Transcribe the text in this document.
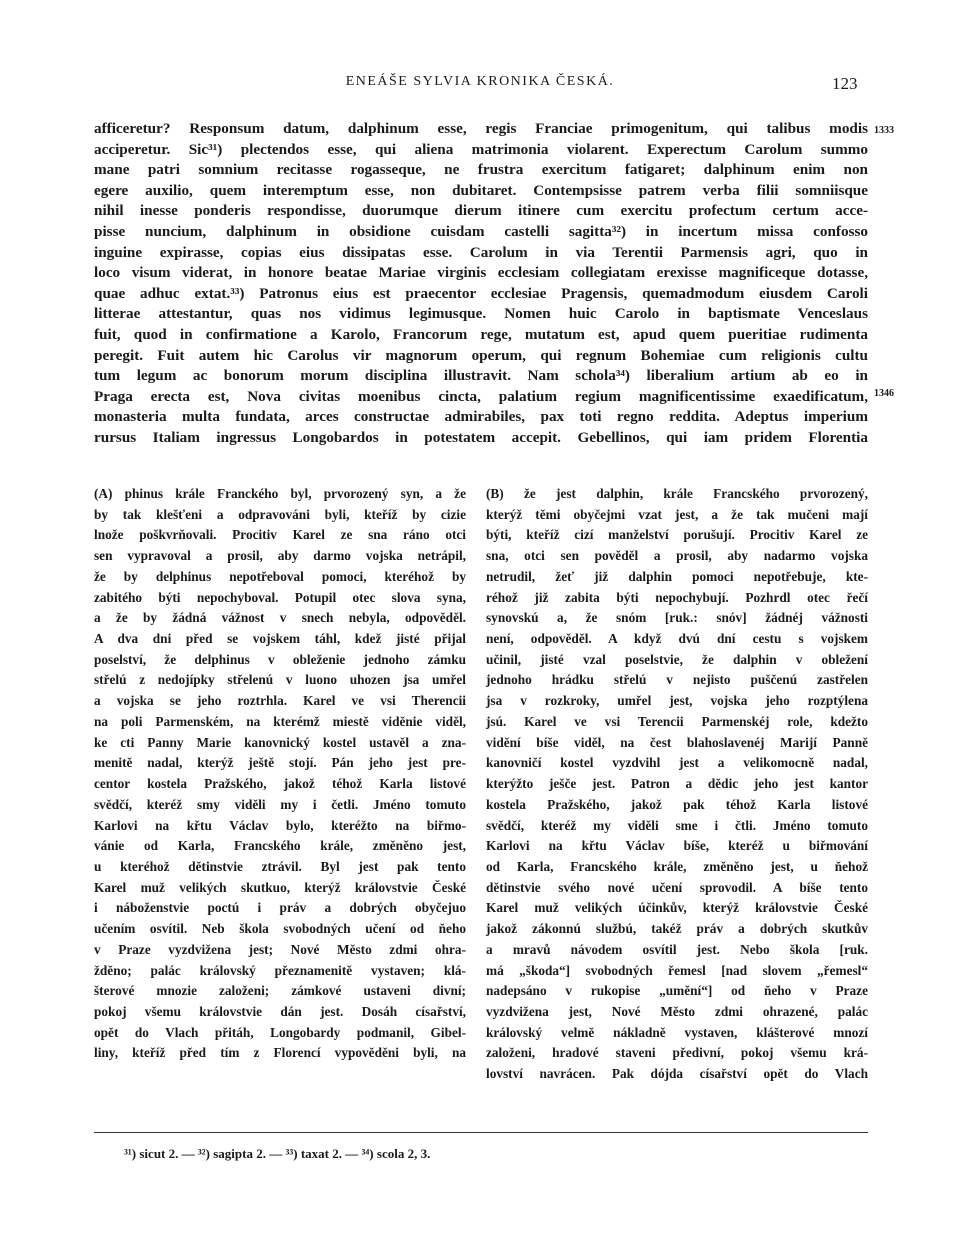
ENEÁŠE SYLVIA KRONIKA ČESKÁ.	123
1333
1346
afficeretur? Responsum datum, dalphinum esse, regis Franciae primogenitum, qui talibus modis
acciperetur. Sic³¹) plectendos esse, qui aliena matrimonia violarent. Experectum Carolum summo
mane patri somnium recitasse rogasseque, ne frustra exercitum fatigaret; dalphinum enim non
egere auxilio, quem interemptum esse, non dubitaret. Contempsisse patrem verba filii somniisque
nihil inesse ponderis respondisse, duorumque dierum itinere cum exercitu profectum certum acce-
pisse nuncium, dalphinum in obsidione cuisdam castelli sagitta³²) in incertum missa confosso
inguine expirasse, copias eius dissipatas esse. Carolum in via Terentii Parmensis agri, quo in
loco visum viderat, in honore beatae Mariae virginis ecclesiam collegiatam erexisse magnificeque dotasse,
quae adhuc extat.³³) Patronus eius est praecentor ecclesiae Pragensis, quemadmodum eiusdem Caroli
litterae attestantur, quas nos vidimus legimusque. Nomen huic Carolo in baptismate Venceslaus
fuit, quod in confirmatione a Karolo, Francorum rege, mutatum est, apud quem pueritiae rudimenta
peregit. Fuit autem hic Carolus vir magnorum operum, qui regnum Bohemiae cum religionis cultu
tum legum ac bonorum morum disciplina illustravit. Nam schola³⁴) liberalium artium ab eo in
Praga erecta est, Nova civitas moenibus cincta, palatium regium magnificentissime exaedificatum,
monasteria multa fundata, arces constructae admirabiles, pax toti regno reddita. Adeptus imperium
rursus Italiam ingressus Longobardos in potestatem accepit. Gebellinos, qui iam pridem Florentia
(A) phinus krále Franckého byl, prvorozený syn, a že
by tak klešťeni a odpravováni byli, kteříž by cizie
lnože poškvrňovali. Procitiv Karel ze sna ráno otci
sen vypravoval a prosil, aby darmo vojska netrápil,
že by delphinus nepotřeboval pomoci, kteréhož by
zabitého býti nepochyboval. Potupil otec slova syna,
a že by žádná vážnost v snech nebyla, odpověděl.
A dva dni před se vojskem táhl, kdež jisté přijal
poselství, že delphinus v obleženie jednoho zámku
střelú z nedojípky střelenú v luono uhozen jsa umřel
a vojska se jeho roztrhla. Karel ve vsi Therencii
na poli Parmenském, na kterémž miestě viděnie viděl,
ke cti Panny Marie kanovnický kostel ustavěl a zna-
menitě nadal, kterýž ještě stojí. Pán jeho jest pre-
centor kostela Pražského, jakož téhož Karla listové
svědčí, kteréž smy viděli my i četli. Jméno tomuto
Karlovi na křtu Václav bylo, kteréžto na biřmo-
vánie od Karla, Francského krále, změněno jest,
u kteréhož dětinstvie ztrávil. Byl jest pak tento
Karel muž velikých skutkuo, kterýž královstvie České
i náboženstvie poctú i práv a dobrých obyčejuo
učením osvítil. Neb škola svobodných učení od ňeho
v Praze vyzdvižena jest; Nové Město zdmi ohra-
žděno; palác královský přeznamenitě vystaven; klá-
šterové mnozie založeni; zámkové ustaveni divní;
pokoj všemu královstvie dán jest. Dosáh císařství,
opět do Vlach přitáh, Longobardy podmanil, Gibel-
liny, kteříž před tím z Florencí vypověděni byli, na
(B) že jest dalphin, krále Francského prvorozený,
kterýž těmi obyčejmi vzat jest, a že tak mučeni mají
býti, kteříž cizí manželství porušují. Procitiv Karel ze
sna, otci sen pověděl a prosil, aby nadarmo vojska
netrudil, žeť již dalphin pomoci nepotřebuje, kte-
réhož již zabita býti nepochybují. Pozhrdl otec řečí
synovskú a, že snóm [ruk.: snóv] žádnéj vážnosti
není, odpověděl. A když dvú dní cestu s vojskem
učinil, jisté vzal poselstvie, že dalphin v obležení
jednoho hrádku střelú v nejisto puščenú zastřelen
jsa v rozkroky, umřel jest, vojska jeho rozptýlena
jsú. Karel ve vsi Terencii Parmenskéj role, kdežto
vidění bíše viděl, na čest blahoslavenéj Marijí Panně
kanovničí kostel vyzdvihl jest a velikomocně nadal,
kterýžto ješče jest. Patron a dědic jeho jest kantor
kostela Pražského, jakož pak téhož Karla listové
svědčí, kteréž my viděli sme i čtli. Jméno tomuto
Karlovi na křtu Václav bíše, kteréž u biřmování
od Karla, Francského krále, změněno jest, u ňehož
dětinstvie svého nové učení sprovodil. A bíše tento
Karel muž velikých účinkův, kterýž královstvie České
jakož zákonnú službú, takéž práv a dobrých skutkův
a mravů návodem osvítil jest. Nebo škola [ruk.
má „škoda“] svobodných řemesl [nad slovem „řemesl“
nadepsáno v rukopise „umění“] od ňeho v Praze
vyzdvižena jest, Nové Město zdmi ohrazené, palác
královský velmě nákladně vystaven, klášterové mnozí
založeni, hradové staveni předivní, pokoj všemu krá-
lovství navrácen. Pak dójda císařství opět do Vlach
³¹) sicut 2. — ³²) sagipta 2. — ³³) taxat 2. — ³⁴) scola 2, 3.
